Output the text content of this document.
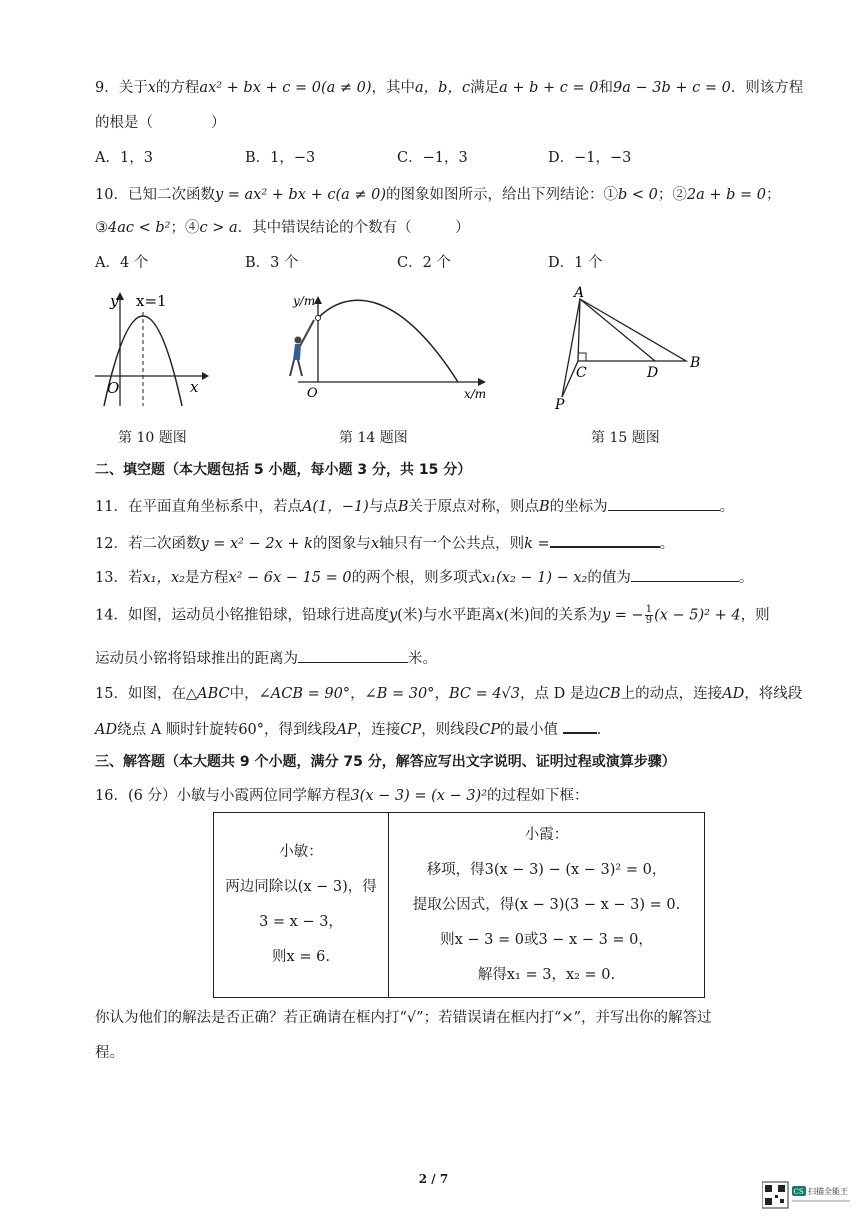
9．关于x的方程ax² + bx + c = 0(a ≠ 0)，其中a，b，c满足a + b + c = 0和9a − 3b + c = 0．则该方程
的根是（　　　　）
A．1，3	B．1，−3	C．−1，3	D．−1，−3
10．已知二次函数y = ax² + bx + c(a ≠ 0)的图象如图所示，给出下列结论：①b < 0；②2a + b = 0；
③4ac < b²；④c > a．其中错误结论的个数有（　　　）
A．4 个	B．3 个	C．2 个	D．1 个
y x=1
O	x
第 10 题图
y/m
O	x/m
第 14 题图
A
B
C	D
P
第 15 题图
二、填空题（本大题包括 5 小题，每小题 3 分，共 15 分）
11．在平面直角坐标系中，若点A(1，−1)与点B关于原点对称，则点B的坐标为	。
12．若二次函数y = x² − 2x + k的图象与x轴只有一个公共点，则k =	。
13．若x₁，x₂是方程x² − 6x − 15 = 0的两个根，则多项式x₁(x₂ − 1) − x₂的值为	。
14．如图，运动员小铭推铅球，铅球行进高度y(米)与水平距离x(米)间的关系为y = − $\frac{1}{9} (x - 5)^2 + 4$，则
运动员小铭将铅球推出的距离为	米。
15．如图，在△ABC中，∠ACB = 90°，∠B = 30°，BC = 4√3，点 D 是边CB上的动点，连接AD，将线段
AD绕点 A 顺时针旋转60°，得到线段AP，连接CP，则线段CP的最小值	.
三、解答题（本大题共 9 个小题，满分 75 分，解答应写出文字说明、证明过程或演算步骤）
16．(6 分）小敏与小霞两位同学解方程3(x − 3) = (x − 3)²的过程如下框：
小敏：
两边同除以(x − 3)，得
3 = x − 3，
则x = 6.

小霞：
移项，得3(x − 3) − (x − 3)² = 0，
提取公因式，得(x − 3)(3 − x − 3) = 0.
则x − 3 = 0或3 − x − 3 = 0，
解得x₁ = 3，x₂ = 0.
你认为他们的解法是否正确？若正确请在框内打“√”；若错误请在框内打“×”，并写出你的解答过
程。
2 / 7
CS 扫描全能王
